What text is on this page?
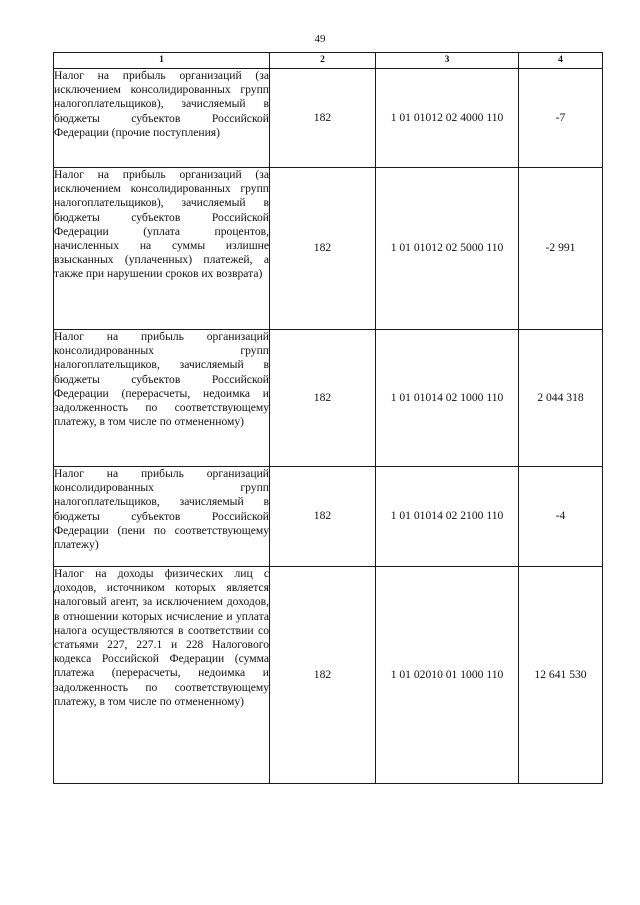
49
1	2	3	4
Налог на прибыль организаций (за исключением консолидированных групп налогоплательщиков), зачисляемый в бюджеты субъектов Российской Федерации (прочие поступления)	182	1 01 01012 02 4000 110	-7
Налог на прибыль организаций (за исключением консолидированных групп налогоплательщиков), зачисляемый в бюджеты субъектов Российской Федерации (уплата процентов, начисленных на суммы излишне взысканных (уплаченных) платежей, а также при нарушении сроков их возврата)	182	1 01 01012 02 5000 110	-2 991
Налог на прибыль организаций консолидированных групп налогоплательщиков, зачисляемый в бюджеты субъектов Российской Федерации (перерасчеты, недоимка и задолженность по соответствующему платежу, в том числе по отмененному)	182	1 01 01014 02 1000 110	2 044 318
Налог на прибыль организаций консолидированных групп налогоплательщиков, зачисляемый в бюджеты субъектов Российской Федерации (пени по соответствующему платежу)	182	1 01 01014 02 2100 110	-4
Налог на доходы физических лиц с доходов, источником которых является налоговый агент, за исключением доходов, в отношении которых исчисление и уплата налога осуществляются в соответствии со статьями 227, 227.1 и 228 Налогового кодекса Российской Федерации (сумма платежа (перерасчеты, недоимка и задолженность по соответствующему платежу, в том числе по отмененному)	182	1 01 02010 01 1000 110	12 641 530
